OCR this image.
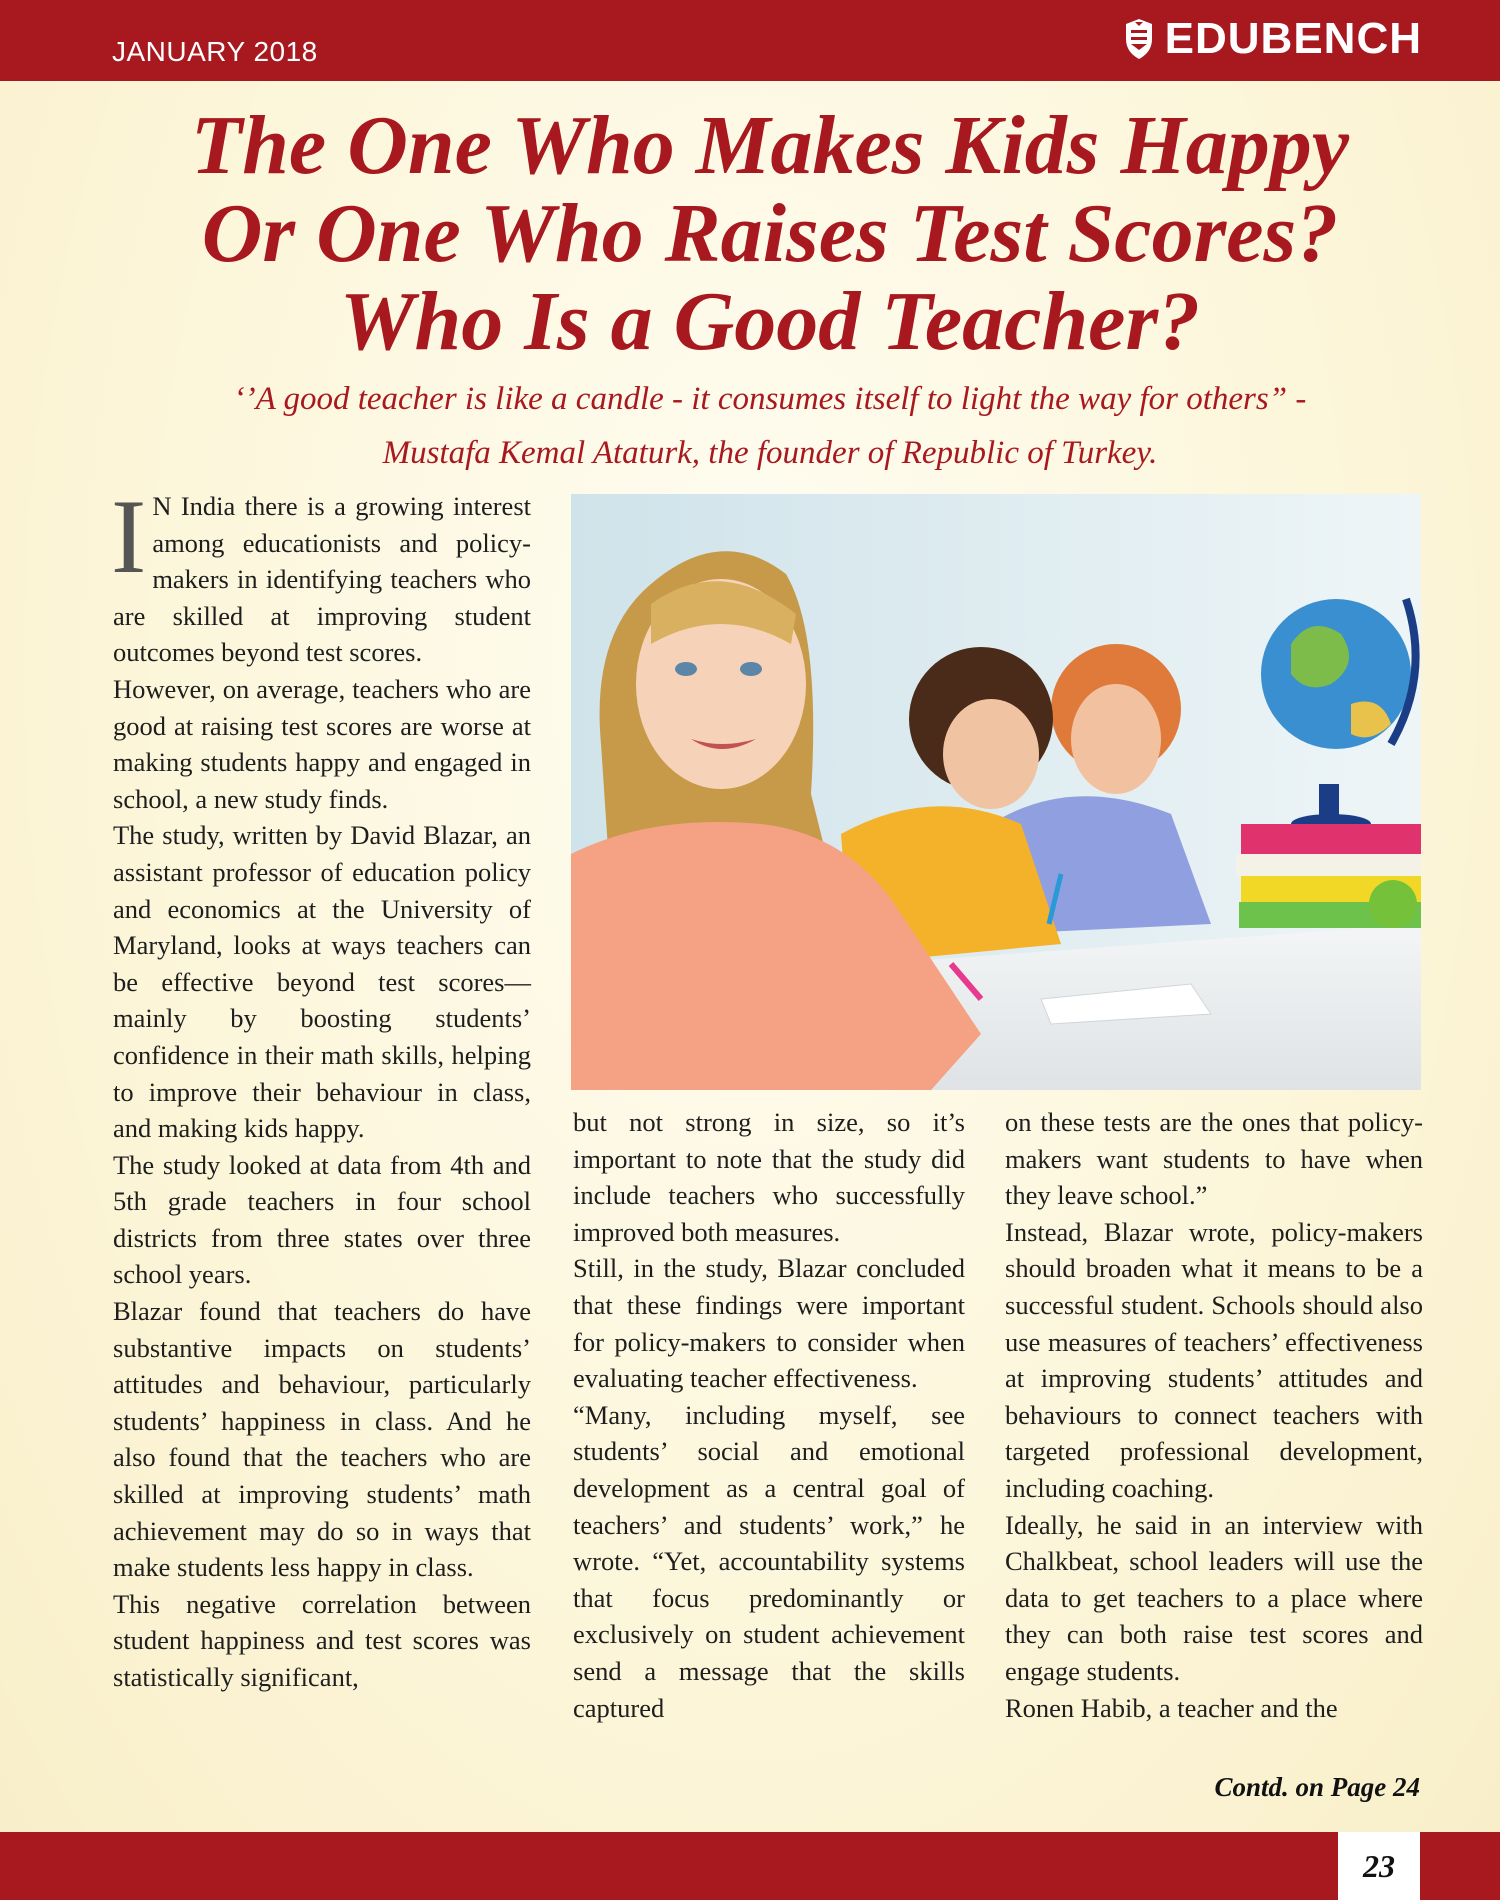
JANUARY 2018	EDUBENCH
The One Who Makes Kids Happy
Or One Who Raises Test Scores?
Who Is a Good Teacher?
‘’A good teacher is like a candle - it consumes itself to light the way for others” -
Mustafa Kemal Ataturk, the founder of Republic of Turkey.
I N India there is a growing interest among educationists and policy-makers in identifying teachers who are skilled at improving student outcomes beyond test scores.

However, on average, teachers who are good at raising test scores are worse at making students happy and engaged in school, a new study finds.

The study, written by David Blazar, an assistant professor of education policy and economics at the University of Maryland, looks at ways teachers can be effective beyond test scores—mainly by boosting students’ confidence in their math skills, helping to improve their behaviour in class, and making kids happy.

The study looked at data from 4th and 5th grade teachers in four school districts from three states over three school years.

Blazar found that teachers do have substantive impacts on students’ attitudes and behaviour, particularly students’ happiness in class. And he also found that the teachers who are skilled at improving students’ math achievement may do so in ways that make students less happy in class.

This negative correlation between student happiness and test scores was statistically significant,

but not strong in size, so it’s important to note that the study did include teachers who successfully improved both measures.

Still, in the study, Blazar concluded that these findings were important for policy-makers to consider when evaluating teacher effectiveness.

“Many, including myself, see students’ social and emotional development as a central goal of teachers’ and students’ work,” he wrote. “Yet, accountability systems that focus predominantly or exclusively on student achievement send a message that the skills captured

on these tests are the ones that policy-makers want students to have when they leave school.”

Instead, Blazar wrote, policy-makers should broaden what it means to be a successful student. Schools should also use measures of teachers’ effectiveness at improving students’ attitudes and behaviours to connect teachers with targeted professional development, including coaching.

Ideally, he said in an interview with Chalkbeat, school leaders will use the data to get teachers to a place where they can both raise test scores and engage students.

Ronen Habib, a teacher and the

Contd. on Page 24
23
